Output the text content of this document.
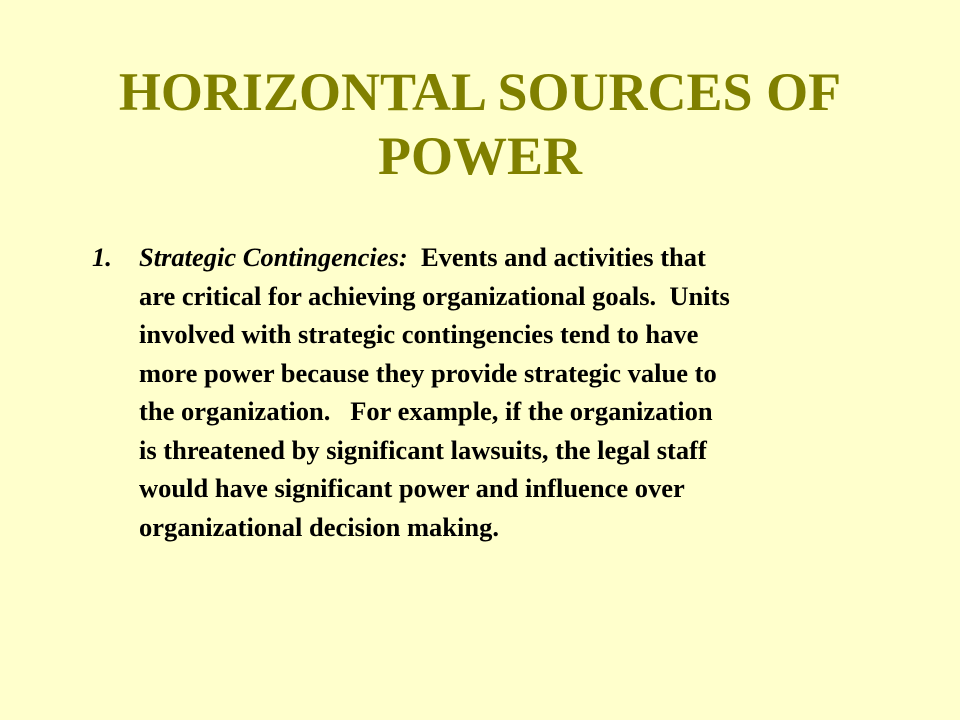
HORIZONTAL SOURCES OF POWER
1. Strategic Contingencies: Events and activities that
are critical for achieving organizational goals.  Units
involved with strategic contingencies tend to have
more power because they provide strategic value to
the organization.   For example, if the organization
is threatened by significant lawsuits, the legal staff
would have significant power and influence over
organizational decision making.
